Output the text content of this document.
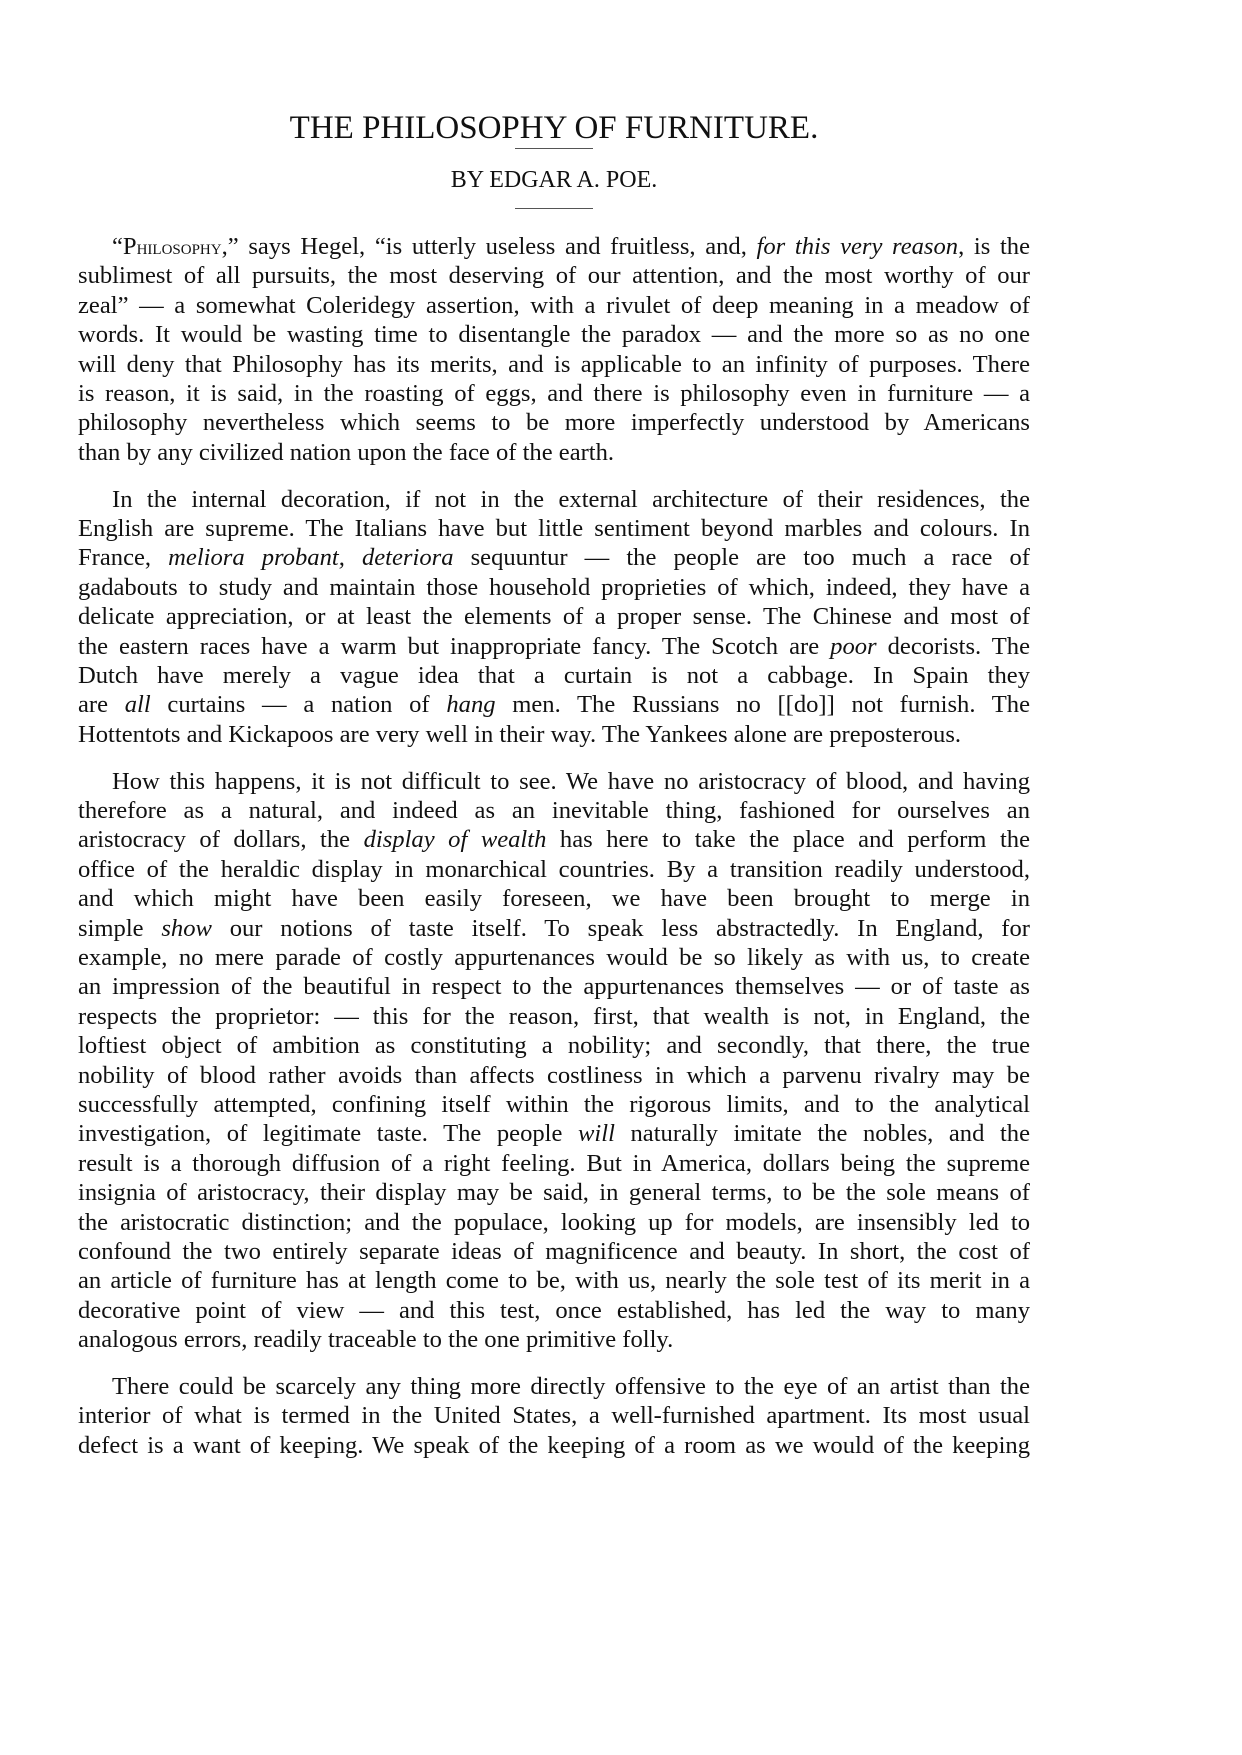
THE PHILOSOPHY OF FURNITURE.
BY EDGAR A. POE.

“PHILOSOPHY,” says Hegel, “is utterly useless and fruitless, and, for this very reason, is the
sublimest of all pursuits, the most deserving of our attention, and the most worthy of our
zeal” — a somewhat Coleridegy assertion, with a rivulet of deep meaning in a meadow of
words. It would be wasting time to disentangle the paradox — and the more so as no one
will deny that Philosophy has its merits, and is applicable to an infinity of purposes. There
is reason, it is said, in the roasting of eggs, and there is philosophy even in furniture — a
philosophy nevertheless which seems to be more imperfectly understood by Americans
than by any civilized nation upon the face of the earth.

In the internal decoration, if not in the external architecture of their residences, the
English are supreme. The Italians have but little sentiment beyond marbles and colours. In
France, meliora probant, deteriora sequuntur — the people are too much a race of
gadabouts to study and maintain those household proprieties of which, indeed, they have a
delicate appreciation, or at least the elements of a proper sense. The Chinese and most of
the eastern races have a warm but inappropriate fancy. The Scotch are poor decorists. The
Dutch have merely a vague idea that a curtain is not a cabbage. In Spain they
are all curtains — a nation of hang men. The Russians no [[do]] not furnish. The
Hottentots and Kickapoos are very well in their way. The Yankees alone are preposterous.

How this happens, it is not difficult to see. We have no aristocracy of blood, and having
therefore as a natural, and indeed as an inevitable thing, fashioned for ourselves an
aristocracy of dollars, the display of wealth has here to take the place and perform the
office of the heraldic display in monarchical countries. By a transition readily understood,
and which might have been easily foreseen, we have been brought to merge in
simple show our notions of taste itself. To speak less abstractedly. In England, for
example, no mere parade of costly appurtenances would be so likely as with us, to create
an impression of the beautiful in respect to the appurtenances themselves — or of taste as
respects the proprietor: — this for the reason, first, that wealth is not, in England, the
loftiest object of ambition as constituting a nobility; and secondly, that there, the true
nobility of blood rather avoids than affects costliness in which a parvenu rivalry may be
successfully attempted, confining itself within the rigorous limits, and to the analytical
investigation, of legitimate taste. The people will naturally imitate the nobles, and the
result is a thorough diffusion of a right feeling. But in America, dollars being the supreme
insignia of aristocracy, their display may be said, in general terms, to be the sole means of
the aristocratic distinction; and the populace, looking up for models, are insensibly led to
confound the two entirely separate ideas of magnificence and beauty. In short, the cost of
an article of furniture has at length come to be, with us, nearly the sole test of its merit in a
decorative point of view — and this test, once established, has led the way to many
analogous errors, readily traceable to the one primitive folly.

There could be scarcely any thing more directly offensive to the eye of an artist than the
interior of what is termed in the United States, a well-furnished apartment. Its most usual
defect is a want of keeping. We speak of the keeping of a room as we would of the keeping
